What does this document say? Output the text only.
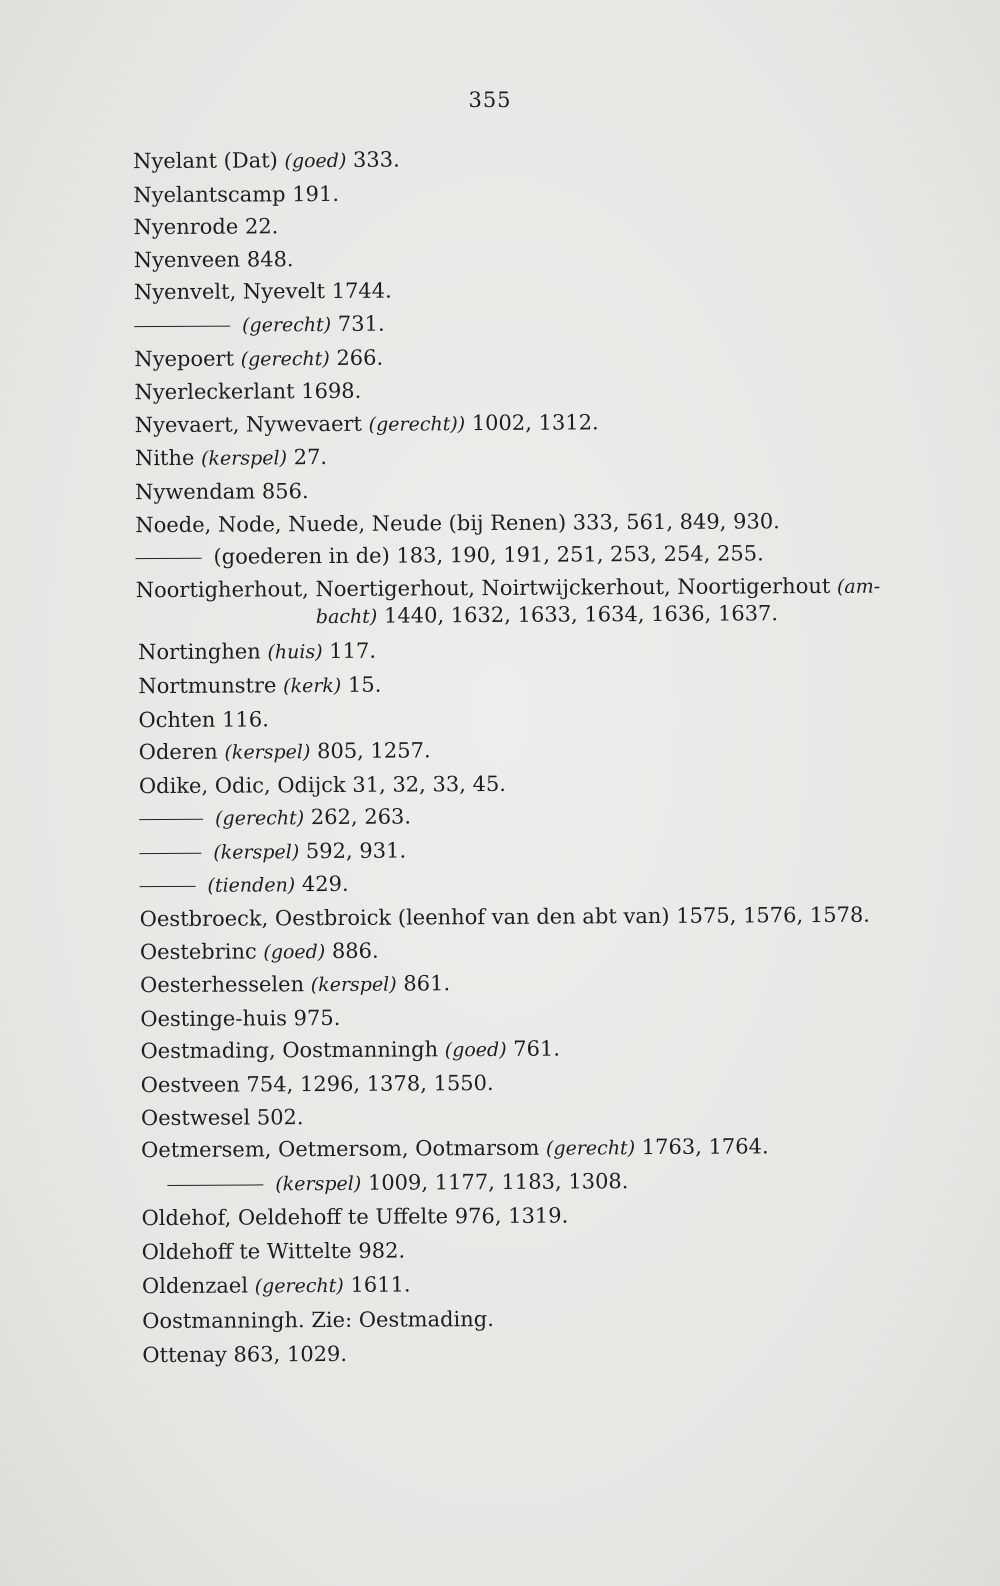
355
Nyelant (Dat) (goed) 333.
Nyelantscamp 191.
Nyenrode 22.
Nyenveen 848.
Nyenvelt, Nyevelt 1744.
(gerecht) 731.
Nyepoert (gerecht) 266.
Nyerleckerlant 1698.
Nyevaert, Nywevaert (gerecht)) 1002, 1312.
Nithe (kerspel) 27.
Nywendam 856.
Noede, Node, Nuede, Neude (bij Renen) 333, 561, 849, 930.
(goederen in de) 183, 190, 191, 251, 253, 254, 255.
Noortigherhout, Noertigerhout, Noirtwijckerhout, Noortigerhout (am-
bacht) 1440, 1632, 1633, 1634, 1636, 1637.
Nortinghen (huis) 117.
Nortmunstre (kerk) 15.
Ochten 116.
Oderen (kerspel) 805, 1257.
Odike, Odic, Odijck 31, 32, 33, 45.
(gerecht) 262, 263.
(kerspel) 592, 931.
(tienden) 429.
Oestbroeck, Oestbroick (leenhof van den abt van) 1575, 1576, 1578.
Oestebrinc (goed) 886.
Oesterhesselen (kerspel) 861.
Oestinge-huis 975.
Oestmading, Oostmanningh (goed) 761.
Oestveen 754, 1296, 1378, 1550.
Oestwesel 502.
Oetmersem, Oetmersom, Ootmarsom (gerecht) 1763, 1764.
(kerspel) 1009, 1177, 1183, 1308.
Oldehof, Oeldehoff te Uffelte 976, 1319.
Oldehoff te Wittelte 982.
Oldenzael (gerecht) 1611.
Oostmanningh. Zie: Oestmading.
Ottenay 863, 1029.
